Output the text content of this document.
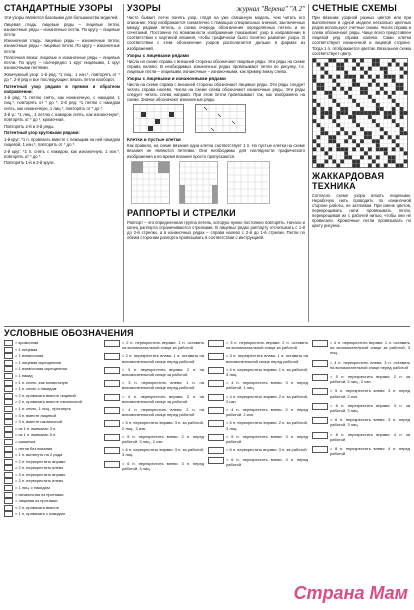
СТАНДАРТНЫЕ УЗОРЫ

Эти узоры являются базовыми для большинства моделей.

Лицевая гладь: лицевые ряды – лицевые петли, изнаночные ряды – изнаночные петли. По кругу – лицевые петли.

Изнаночная гладь: лицевые ряды – изнаночные петли, изнаночные ряды – лицевые петли. По кругу – изнаночные петли.

Платочная вязка: лицевые и изнаночные ряды – лицевые петли. По кругу – поочерёдно 1 круг лицевыми, 1 круг изнаночными петлями.

Жемчужный узор: 1-й ряд: *1 лиц., 1 изн.*, повторять от * до *. 2-й ряд и все последующие: вязать петли наоборот.

Патентный узор рядами в прямом и обратном направлении:

1-й ряд: *1 петлю снять, как изнаночную, с накидом, 1 лиц.*, повторять от * до *. 2-й ряд: *1 петлю с накидом снять, как изнаночную, 1 лиц.*, повторять от * до *.

3-й р.: *1 лиц., 1 петлю с накидом снять, как изнаночную*, повторять от * до *, кромочная.

Повторять 2-й и 3-й ряды.

Патентный узор круговыми рядами:

1-й круг: *1 п. провязать вместе с лежащим на ней накидом лицевой, 1 изн.*, повторять от * до *.

2-й круг: *1 п. снять с накидом, как изнаночную, 1 изн.*, повторять от * до *.

Повторять 1-й и 2-й круги.

УЗОРЫ	журнал "Верена" "А 2"

Часто бывает легче понять узор, глядя на уже связанную модель, чем читать его описание. Узор изображается схематично с помощью специальных значков, заключенных между рядами петель, а схема очередь обозначения определённых петель и их сочетаний. Постоянно по возможности изображение показывает узор в направлении в соответствии с картиной вязания, чтобы графически было понятно развитие узора. В соответствии с этим обозначение узоров располагается дальше в формах из изображений.

Узоры с лицевыми рядами

Числа на схеме справа с внешней стороны обозначают лицевые ряды. Эти ряды на схеме справа налево. В необходимых изнаночных рядах провязывают петли по рисунку, т.е. лицевые петли – лицевыми, изнаночные – изнаночными, как пример внизу слева.

Узоры с лицевыми и изнаночными рядами

Числа на схеме справа с внешней стороны обозначают лицевые ряды. Эти ряды следует читать справа налево. Числа на схеме слева обозначают изнаночные ряды. Эти ряды следует читать слева направо. При этом петли провязывают так, как изображено на схеме. Значки обозначают изнаночные ряды.

Клетки и пустые клетки

Как правило, на схеме вязания одна клетка соответствует 1 п. Но пустые клетки на схеме вязания не являются петлями. Они необходимы для наглядности графического изображения и во время вязания просто пропускаются.

РАППОРТЫ И СТРЕЛКИ

Раппорт – это определенная группа петель, которую нужно постоянно повторять. Начало и конец раппорта ограничиваются стрелками. В лицевых рядах раппорту отсчитывать с 1-й до 2-й стрелки, а в изнаночных рядах – справа налево с 2-й до 1-й стрелки. Петли по обеим сторонам раппорта провязывать в соответствии с инструкцией.

СЧЕТНЫЕ СХЕМЫ

При вязании узорной разных цветов или при выполнении в одной модели несколько цветных рядов используют счетные схемы. Числа справа и слева обозначают ряды. Чаще всего представлен лицевой ряд справа налево. Сами клетки соответствуют изнаночной и лицевой стороне. Тогда 1 п. отображается цветом. Вязальная схема соответствует цвету.

ЖАККАРДОВАЯ ТЕХНИКА

Согласно схеме узора вязать лицевыми. Нерабочую нить проводить по изнаночной стороне работы, не затягивая. При смене цветов, перекрещивать нити: провязывать петли, перекрещивая их с рабочей нитью, чтобы они не провисали. Кромочные петли провязывать по цвету рисунка.

УСЛОВНЫЕ ОБОЗНАЧЕНИЯ
= кромочная
= 1 лицевая
= 1 изнаночная
= 1 лицевая скрещенная
= 1 изнаночная скрещенная
= 1 накид
= 1 п. снять, как изнаночную
= 1 п. снять с накидом
= 2 п. провязать вместе лицевой
= 2 п. провязать вместе изнаночной
= 1 п. снять, 1 лиц., протянуть
= 3 п. вместе лицевой
= 3 п. вместе изнаночной
= из 1 п. вывязать 3 п.
= из 1 п. вывязать 5 п.
= шишечка
= петля без вязания
= 1 п. вытянуть на 2 ряда
= 2 п. перекрестить вправо
= 2 п. перекрестить влево
= 3 п. перекрестить вправо
= 3 п. перекрестить влево
= 1 лиц. с накидом
= изнаночная из протяжки
= лицевая из протяжки
= 2 п. провязать вместе
= 1 п. провязать с накидом
= 2 п. перекрестить вправо: 1 п. оставить на вспомогательной спице за работой
= 2 п. перекрестить влево: 1 п. оставить на вспомогательной спице перед работой
= 3 п. перекрестить вправо: 2 п. на вспомогательной спице за работой
= 3 п. перекрестить влево: 1 п. на вспомогательной спице перед работой
= 4 п. перекрестить вправо: 2 п. на вспомогательной спице за работой
= 4 п. перекрестить влево: 2 п. на вспомогательной спице перед работой
= 5 п. перекрестить вправо: 3 п. за работой, 2 лиц., 3 изн.
= 5 п. перекрестить влево: 2 п. перед работой, 3 лиц., 2 изн.
= 6 п. перекрестить вправо: 3 п. за работой, 3 лиц.
= 6 п. перекрестить влево: 3 п. перед работой, 3 лиц.
= 3 п. перекрестить вправо: 2 п. оставить на вспомогательной спице за работой
= 3 п. перекрестить влево: 1 п. оставить на вспомогательной спице перед работой
= 4 п. перекрестить вправо: 1 п. за работой, 3 лиц.
= 4 п. перекрестить влево: 3 п. перед работой, 1 лиц.
= 4 п. перекрестить вправо: 2 п. за работой, 2 изн.
= 4 п. перекрестить влево: 2 п. перед работой, 2 изн.
= 5 п. перекрестить вправо: 2 п. за работой, 3 лиц.
= 5 п. перекрестить влево: 3 п. перед работой
= 6 п. перекрестить вправо: 3 п. за работой
= 6 п. перекрестить влево: 3 п. перед работой
= 4 п. перекрестить вправо: 1 п. оставить на вспомогательной спице за работой, 3 лиц.
= 4 п. перекрестить влево: 3 п. оставить на вспомогательной спице перед работой
= 5 п. перекрестить вправо: 2 п. за работой, 3 лиц., 2 изн.
= 5 п. перекрестить влево: 3 п. перед работой, 2 изн.
= 6 п. перекрестить вправо: 3 п. за работой, 3 лиц.
= 6 п. перекрестить влево: 3 п. перед работой, 3 лиц.
= 8 п. перекрестить вправо: 4 п. за работой
= 8 п. перекрестить влево: 4 п. перед работой
Страна Мам
